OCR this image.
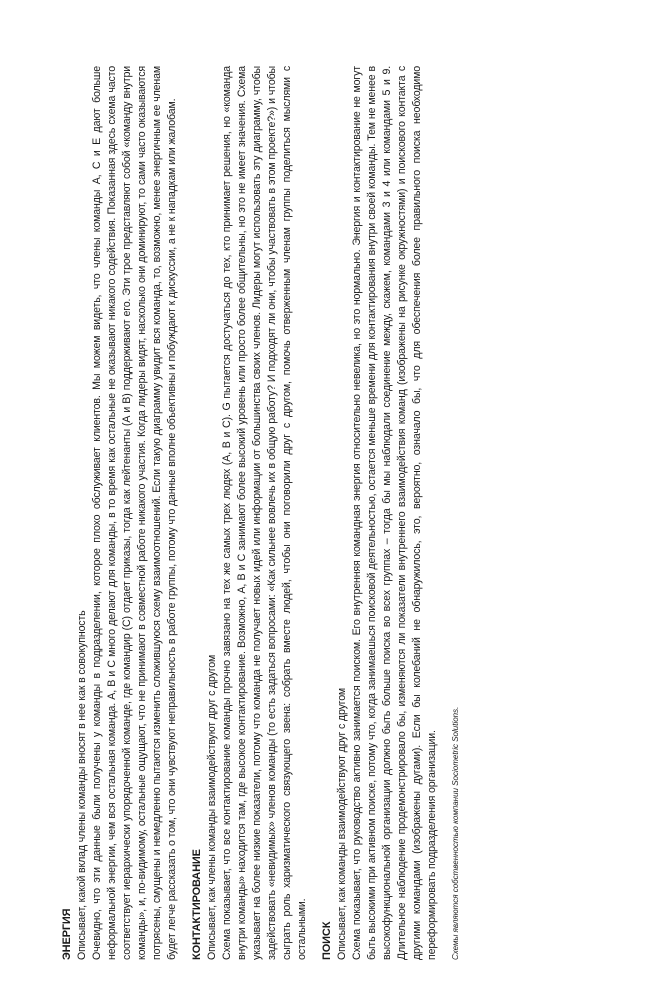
ЭНЕРГИЯ Описывает, какой вклад члены команды вносят в нее как в совокупность Очевидно, что эти данные были получены у команды в подразделении, которое плохо обслуживает клиентов. Мы можем видеть, что члены команды А, С и Е дают больше неформальной энергии, чем вся остальная команда. А, В и С много делают для команды, в то время как остальные не оказывают никакого содействия. Показанная здесь схема часто соответствует иерархически упорядоченной команде, где командир (С) отдает приказы, тогда как лейтенанты (А и В) поддерживают его. Эти трое представляют собой «команду внутри команды», и, по-видимому, остальные ощущают, что не принимают в совместной работе никакого участия. Когда лидеры видят, насколько они доминируют, то сами часто оказываются потрясены, смущены и немедленно пытаются изменить сложившуюся схему взаимоотношений. Если такую диаграмму увидит вся команда, то, возможно, менее энергичным ее членам будет легче рассказать о том, что они чувствуют неправильность в работе группы, потому что данные вполне объективны и побуждают к дискуссии, а не к нападкам или жалобам. КОНТАКТИРОВАНИЕ Описывает, как члены команды взаимодействуют друг с другом Схема показывает, что все контактирование команды прочно завязано на тех же самых трех людях (А, В и С). G пытается достучаться до тех, кто принимает решения, но «команда внутри команды» находится там, где высокое контактирование. Возможно, А, В и С занимают более высокий уровень или просто более общительны, но это не имеет значения. Схема указывает на более низкие показатели, потому что команда не получает новых идей или информации от большинства своих членов. Лидеры могут использовать эту диаграмму, чтобы задействовать «невидимых» членов команды (то есть задаться вопросами: «Как сильнее вовлечь их в общую работу? И подходят ли они, чтобы участвовать в этом проекте?») и чтобы сыграть роль харизматического связующего звена: собрать вместе людей, чтобы они поговорили друг с другом, помочь отверженным членам группы поделиться мыслями с остальными. ПОИСК Описывает, как команды взаимодействуют друг с другом Схема показывает, что руководство активно занимается поиском. Его внутренняя командная энергия относительно невелика, но это нормально. Энергия и контактирование не могут быть высокими при активном поиске, потому что, когда занимаешься поисковой деятельностью, остается меньше времени для контактирования внутри своей команды. Тем не менее в высокофункциональной организации должно быть больше поиска во всех группах – тогда бы мы наблюдали соединение между, скажем, командами 3 и 4 или командами 5 и 9. Длительное наблюдение продемонстрировало бы, изменяются ли показатели внутреннего взаимодействия команд (изображены на рисунке окружностями) и поискового контакта с другими командами (изображены дугами). Если бы колебаний не обнаружилось, это, вероятно, означало бы, что для обеспечения более правильного поиска необходимо переформировать подразделения организации. Схемы являются собственностью компании Sociometric Solutions.
